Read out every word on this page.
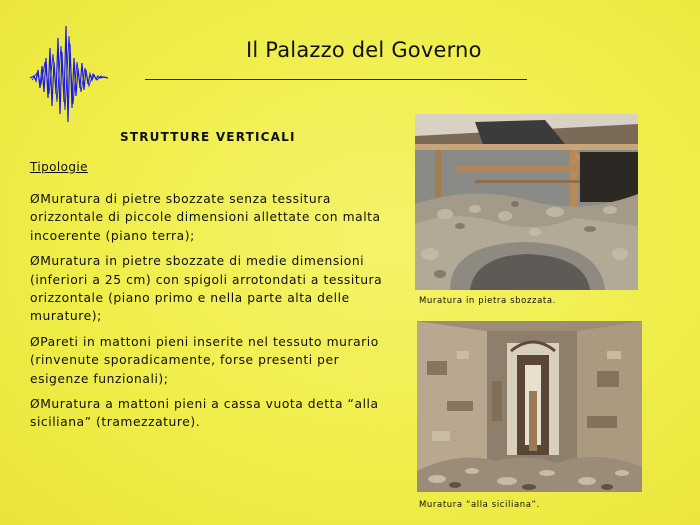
Il Palazzo del Governo
STRUTTURE VERTICALI
Tipologie
ØMuratura di pietre sbozzate senza tessitura orizzontale di piccole dimensioni allettate con malta incoerente (piano terra);
ØMuratura in pietre sbozzate di medie dimensioni (inferiori a 25 cm) con spigoli arrotondati a tessitura orizzontale (piano primo e nella parte alta delle murature);
ØPareti in mattoni pieni inserite nel tessuto murario (rinvenute sporadicamente, forse presenti per esigenze funzionali);
ØMuratura a mattoni pieni a cassa vuota detta “alla siciliana” (tramezzature).
Muratura in pietra sbozzata.
Muratura “alla siciliana”.
